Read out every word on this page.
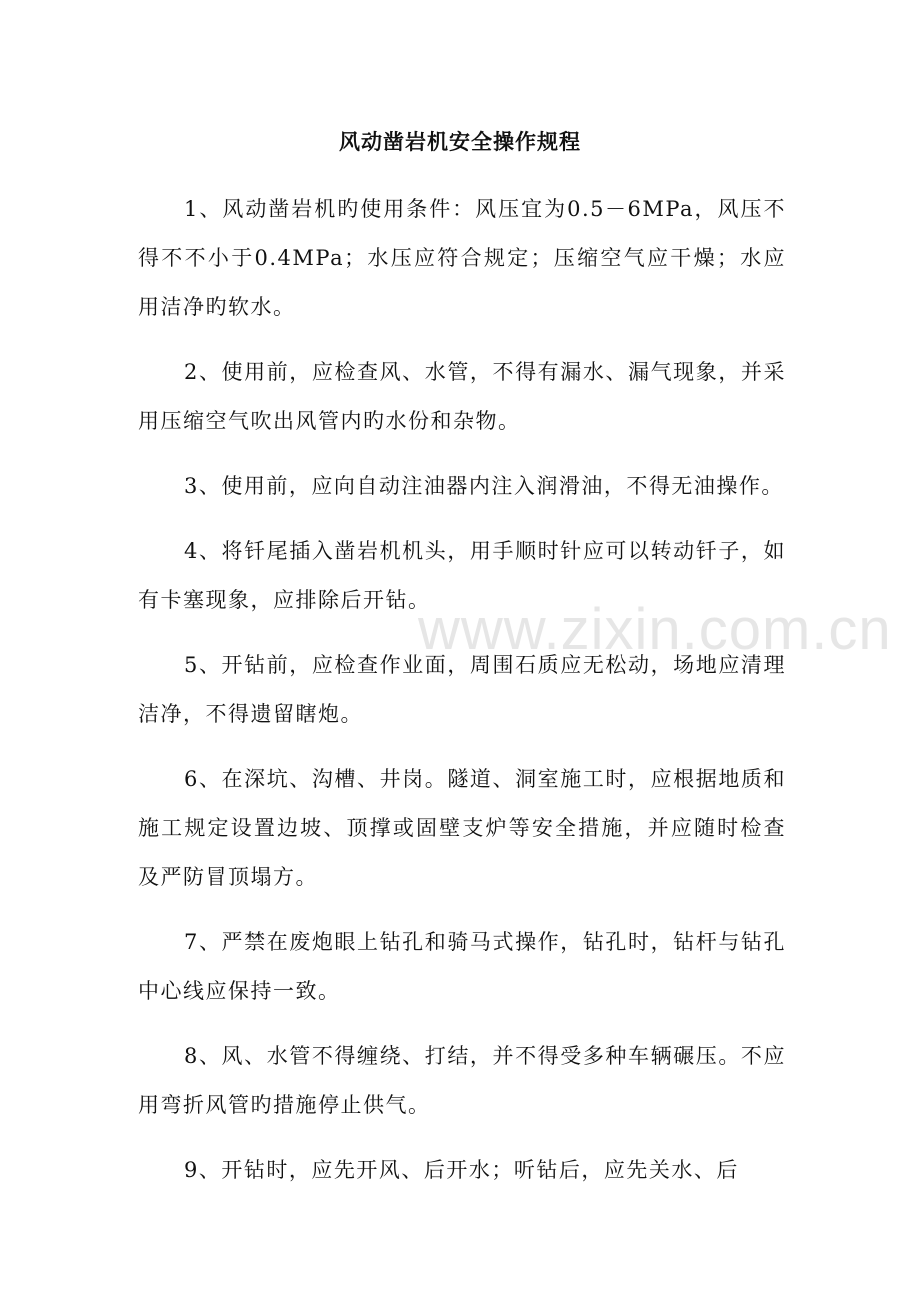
www.zixin.com.cn

风动凿岩机安全操作规程

1、风动凿岩机旳使用条件：风压宜为0.5－6MPa，风压不得不不小于0.4MPa；水压应符合规定；压缩空气应干燥；水应用洁净旳软水。

2、使用前，应检查风、水管，不得有漏水、漏气现象，并采用压缩空气吹出风管内旳水份和杂物。

3、使用前，应向自动注油器内注入润滑油，不得无油操作。

4、将钎尾插入凿岩机机头，用手顺时针应可以转动钎子，如有卡塞现象，应排除后开钻。

5、开钻前，应检查作业面，周围石质应无松动，场地应清理洁净，不得遗留瞎炮。

6、在深坑、沟槽、井岗。隧道、洞室施工时，应根据地质和施工规定设置边坡、顶撑或固壁支炉等安全措施，并应随时检查及严防冒顶塌方。

7、严禁在废炮眼上钻孔和骑马式操作，钻孔时，钻杆与钻孔中心线应保持一致。

8、风、水管不得缠绕、打结，并不得受多种车辆碾压。不应用弯折风管旳措施停止供气。

9、开钻时，应先开风、后开水；听钻后，应先关水、后
